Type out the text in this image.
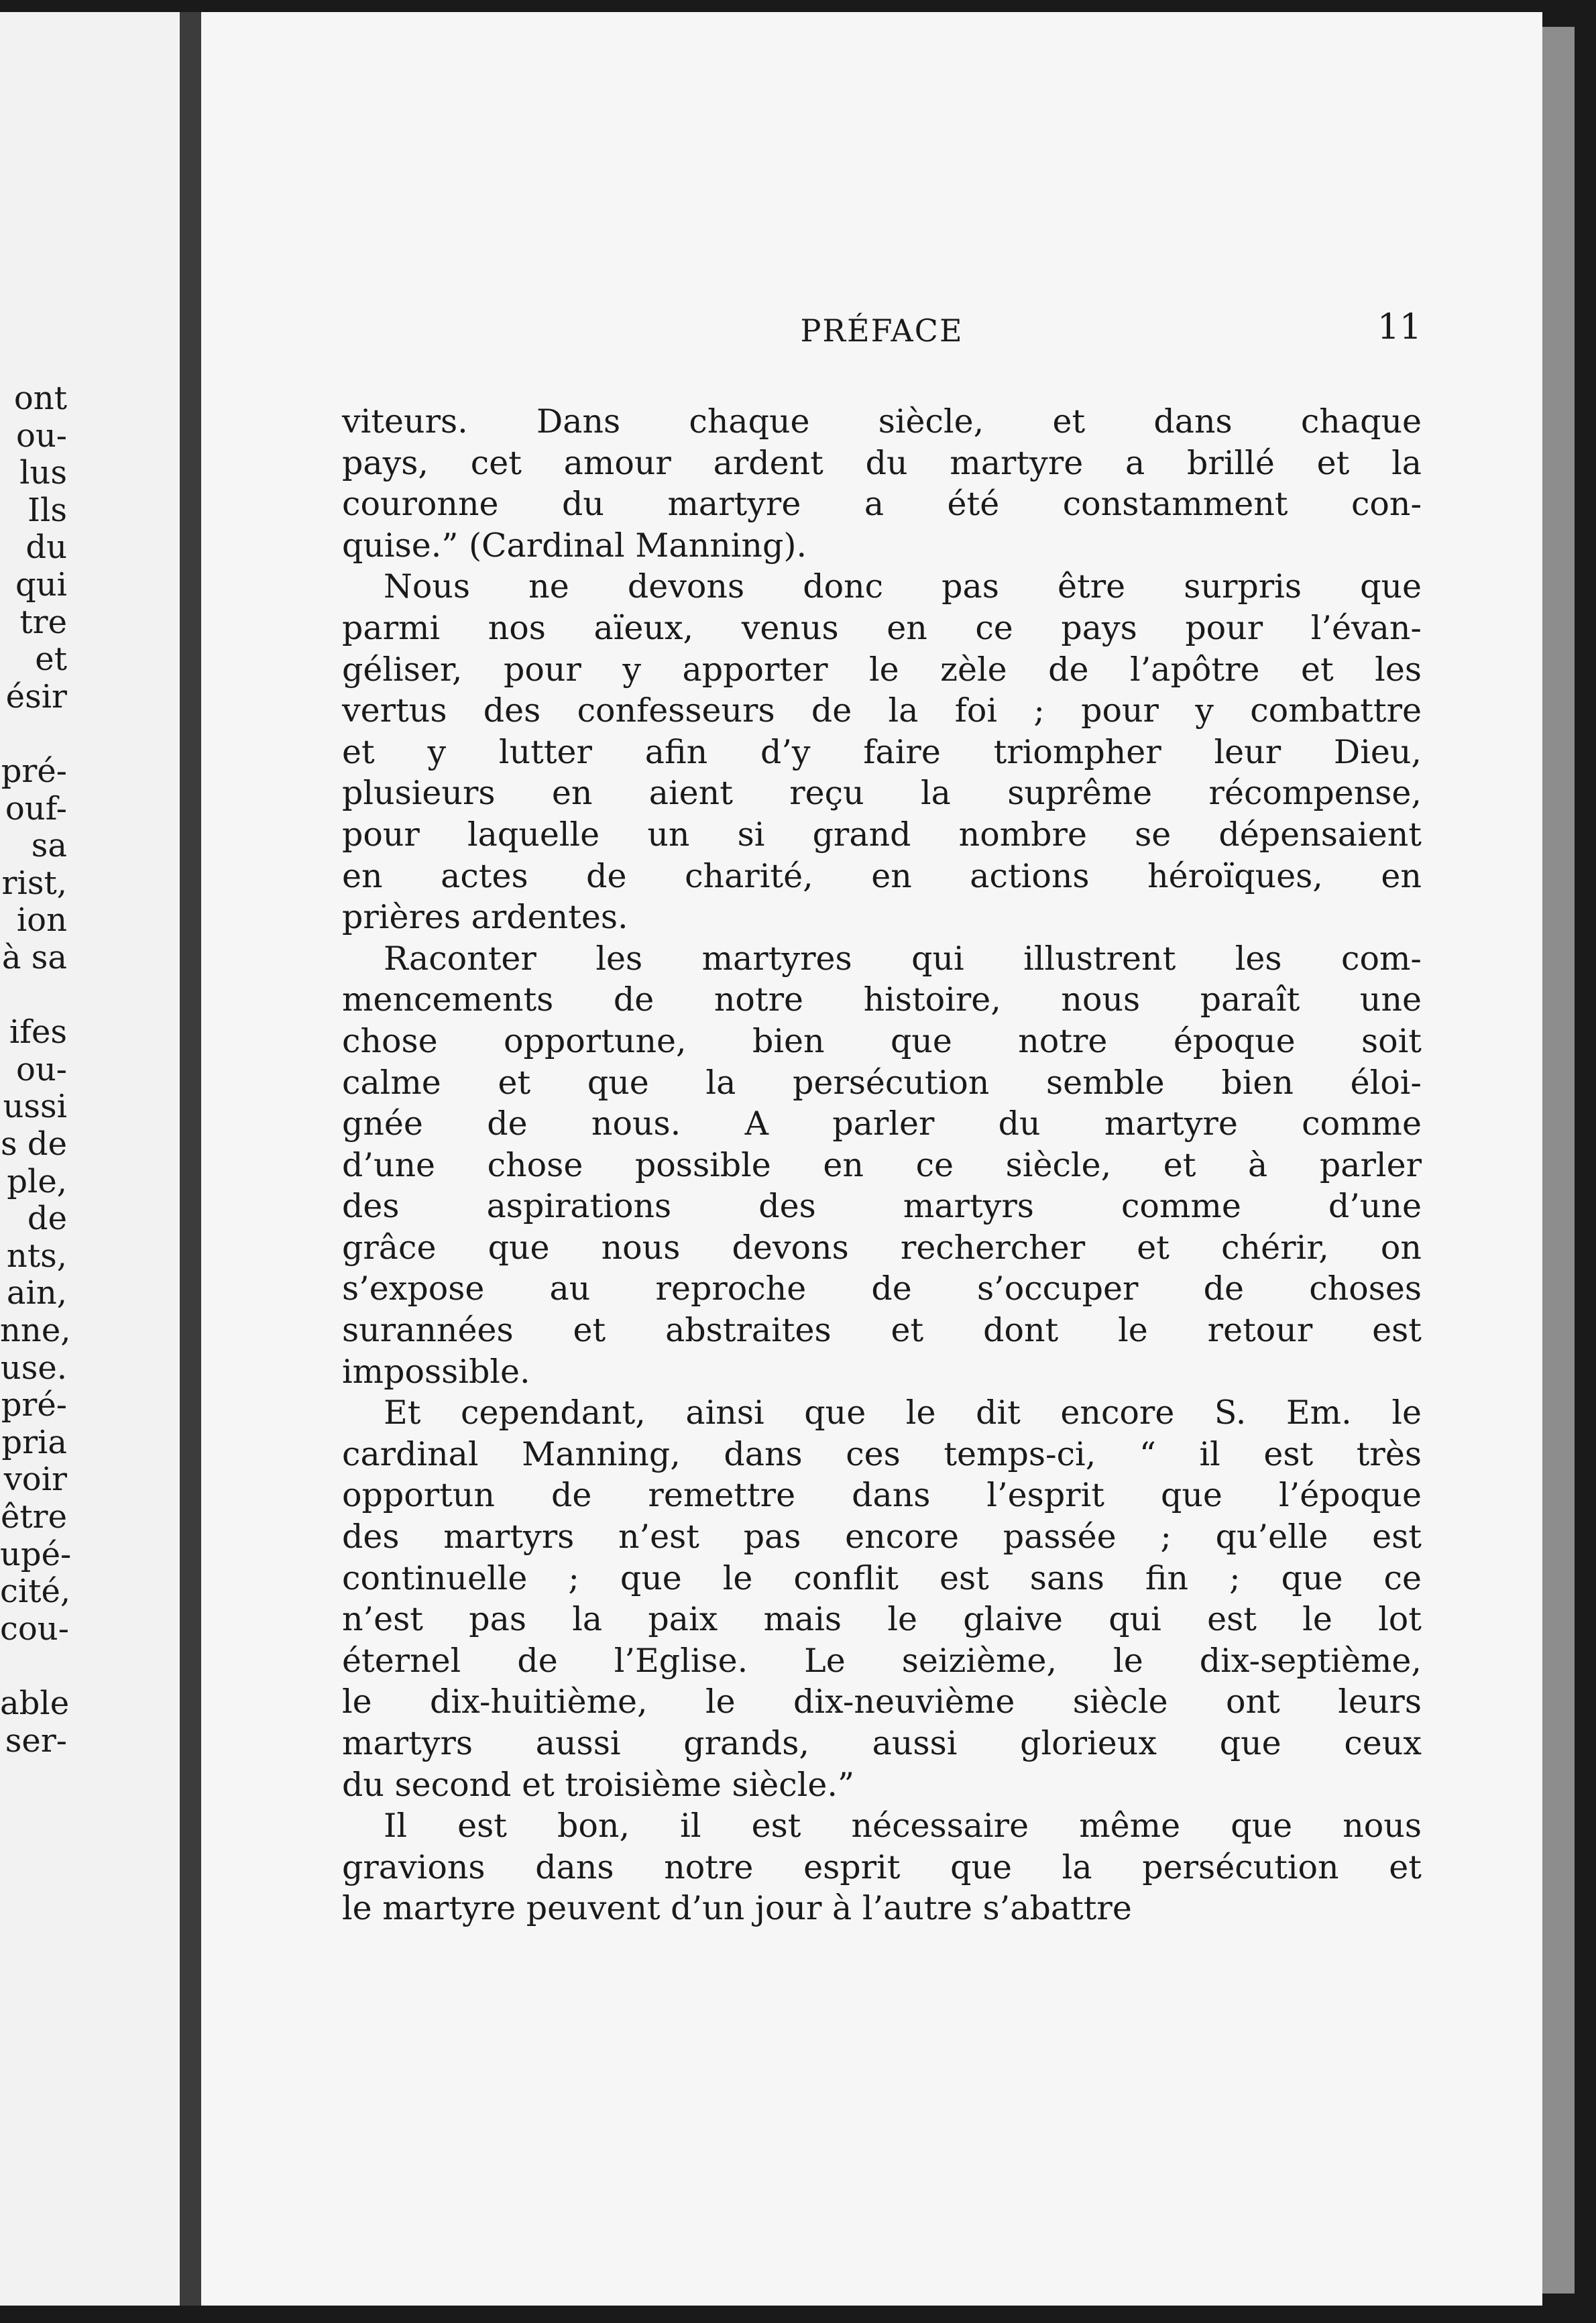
ont
ou-
lus
Ils
du
qui
tre
et
ésir
pré-
ouf-
sa
rist,
ion
à sa
ifes
ou-
ussi
s de
ple,
de
nts,
ain,
nne,
use.
pré-
pria
voir
être
upé-
cité,
cou-
able
ser-
PRÉFACE	11
viteurs. Dans chaque siècle, et dans chaque
pays, cet amour ardent du martyre a brillé et la
couronne du martyre a été constamment con-
quise.” (Cardinal Manning).
Nous ne devons donc pas être surpris que
parmi nos aïeux, venus en ce pays pour l’évan-
géliser, pour y apporter le zèle de l’apôtre et les
vertus des confesseurs de la foi ; pour y combattre
et y lutter afin d’y faire triompher leur Dieu,
plusieurs en aient reçu la suprême récompense,
pour laquelle un si grand nombre se dépensaient
en actes de charité, en actions héroïques, en
prières ardentes.
Raconter les martyres qui illustrent les com-
mencements de notre histoire, nous paraît une
chose opportune, bien que notre époque soit
calme et que la persécution semble bien éloi-
gnée de nous. A parler du martyre comme
d’une chose possible en ce siècle, et à parler
des aspirations des martyrs comme d’une
grâce que nous devons rechercher et chérir, on
s’expose au reproche de s’occuper de choses
surannées et abstraites et dont le retour est
impossible.
Et cependant, ainsi que le dit encore S. Em. le
cardinal Manning, dans ces temps-ci, “ il est très
opportun de remettre dans l’esprit que l’époque
des martyrs n’est pas encore passée ; qu’elle est
continuelle ; que le conflit est sans fin ; que ce
n’est pas la paix mais le glaive qui est le lot
éternel de l’Eglise. Le seizième, le dix-septième,
le dix-huitième, le dix-neuvième siècle ont leurs
martyrs aussi grands, aussi glorieux que ceux
du second et troisième siècle.”
Il est bon, il est nécessaire même que nous
gravions dans notre esprit que la persécution et
le martyre peuvent d’un jour à l’autre s’abattre
